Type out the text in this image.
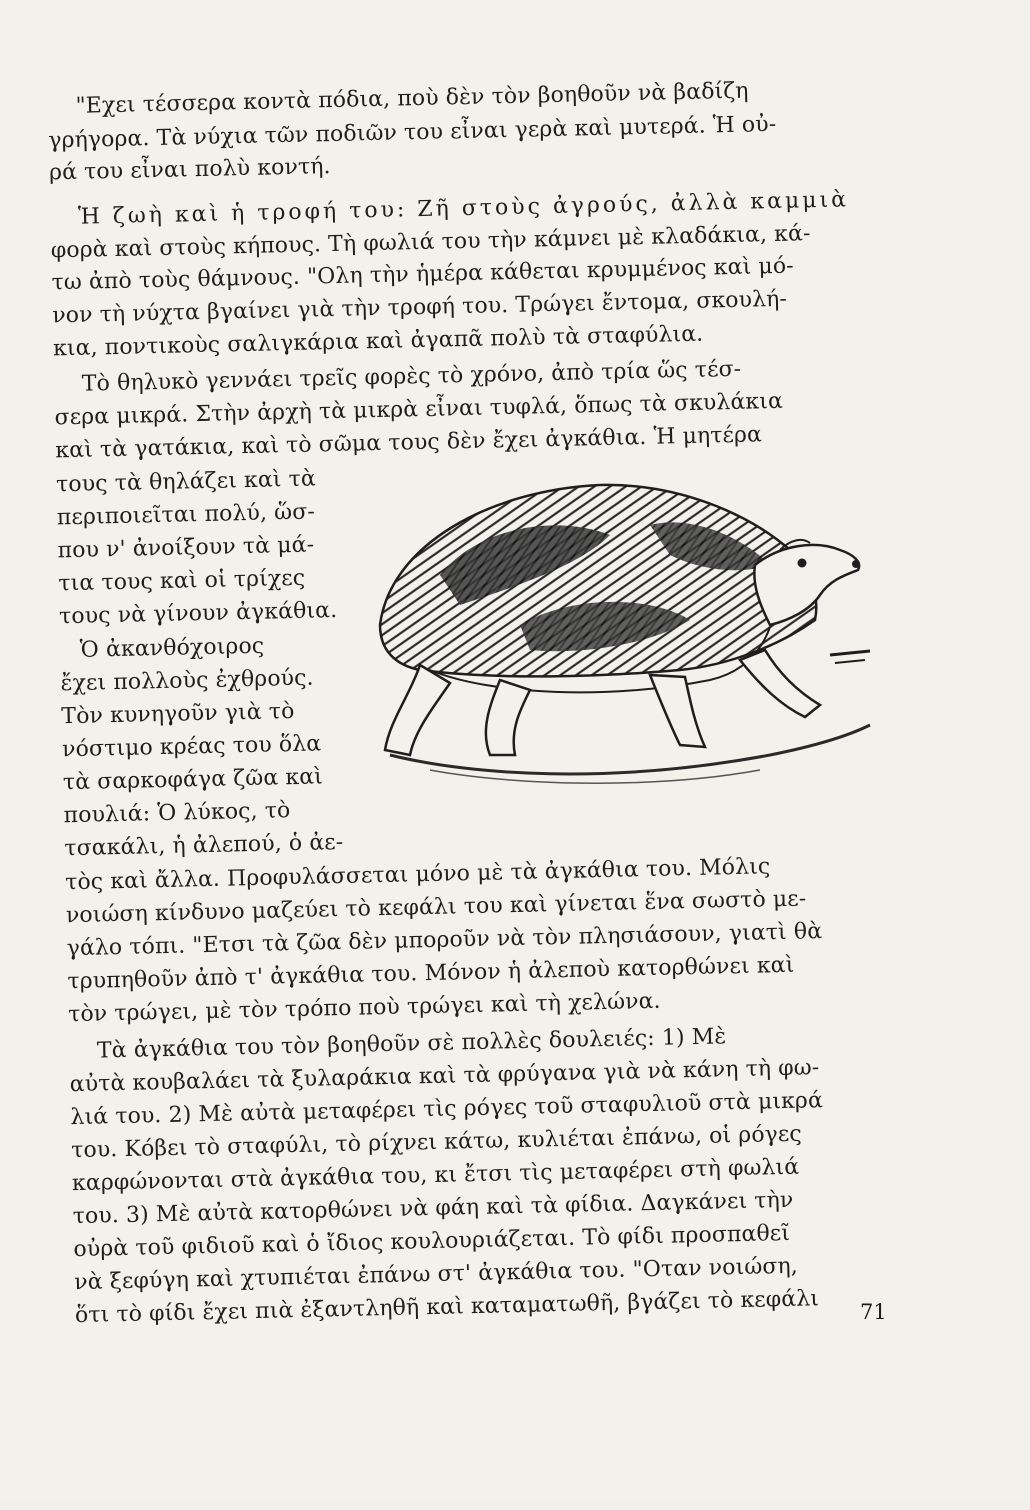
"Εχει τέσσερα κοντὰ πόδια, ποὺ δὲν τὸν βοηθοῦν νὰ βαδίζη
γρήγορα. Τὰ νύχια τῶν ποδιῶν του εἶναι γερὰ καὶ μυτερά. Ἡ οὐ-
ρά του εἶναι πολὺ κοντή.
Ἡ ζωὴ καὶ ἡ τροφή του: Ζῆ στοὺς ἀγρούς, ἀλλὰ καμμιὰ
φορὰ καὶ στοὺς κήπους. Τὴ φωλιά του τὴν κάμνει μὲ κλαδάκια, κά-
τω ἀπὸ τοὺς θάμνους. "Ολη τὴν ἡμέρα κάθεται κρυμμένος καὶ μό-
νον τὴ νύχτα βγαίνει γιὰ τὴν τροφή του. Τρώγει ἔντομα, σκουλή-
κια, ποντικοὺς σαλιγκάρια καὶ ἀγαπᾶ πολὺ τὰ σταφύλια.
Τὸ θηλυκὸ γεννάει τρεῖς φορὲς τὸ χρόνο, ἀπὸ τρία ὥς τέσ-
σερα μικρά. Στὴν ἀρχὴ τὰ μικρὰ εἶναι τυφλά, ὅπως τὰ σκυλάκια
καὶ τὰ γατάκια, καὶ τὸ σῶμα τους δὲν ἔχει ἀγκάθια. Ἡ μητέρα
τους τὰ θηλάζει καὶ τὰ
περιποιεῖται πολύ, ὥσ-
που ν' ἀνοίξουν τὰ μά-
τια τους καὶ οἱ τρίχες
τους νὰ γίνουν ἀγκάθια.
Ὁ ἀκανθόχοιρος
ἔχει πολλοὺς ἐχθρούς.
Τὸν κυνηγοῦν γιὰ τὸ
νόστιμο κρέας του ὅλα
τὰ σαρκοφάγα ζῶα καὶ
πουλιά: Ὁ λύκος, τὸ
τσακάλι, ἡ ἀλεπού, ὁ ἀε-
τὸς καὶ ἄλλα. Προφυλάσσεται μόνο μὲ τὰ ἀγκάθια του. Μόλις
νοιώση κίνδυνο μαζεύει τὸ κεφάλι του καὶ γίνεται ἕνα σωστὸ με-
γάλο τόπι. "Ετσι τὰ ζῶα δὲν μποροῦν νὰ τὸν πλησιάσουν, γιατὶ θὰ
τρυπηθοῦν ἀπὸ τ' ἀγκάθια του. Μόνον ἡ ἀλεποὺ κατορθώνει καὶ
τὸν τρώγει, μὲ τὸν τρόπο ποὺ τρώγει καὶ τὴ χελώνα.
Τὰ ἀγκάθια του τὸν βοηθοῦν σὲ πολλὲς δουλειές: 1) Μὲ
αὐτὰ κουβαλάει τὰ ξυλαράκια καὶ τὰ φρύγανα γιὰ νὰ κάνη τὴ φω-
λιά του. 2) Μὲ αὐτὰ μεταφέρει τὶς ρόγες τοῦ σταφυλιοῦ στὰ μικρά
του. Κόβει τὸ σταφύλι, τὸ ρίχνει κάτω, κυλιέται ἐπάνω, οἱ ρόγες
καρφώνονται στὰ ἀγκάθια του, κι ἔτσι τὶς μεταφέρει στὴ φωλιά
του. 3) Μὲ αὐτὰ κατορθώνει νὰ φάη καὶ τὰ φίδια. Δαγκάνει τὴν
οὐρὰ τοῦ φιδιοῦ καὶ ὁ ἴδιος κουλουριάζεται. Τὸ φίδι προσπαθεῖ
νὰ ξεφύγη καὶ χτυπιέται ἐπάνω στ' ἀγκάθια του. "Οταν νοιώση,
ὅτι τὸ φίδι ἔχει πιὰ ἐξαντληθῆ καὶ καταματωθῆ, βγάζει τὸ κεφάλι 71
